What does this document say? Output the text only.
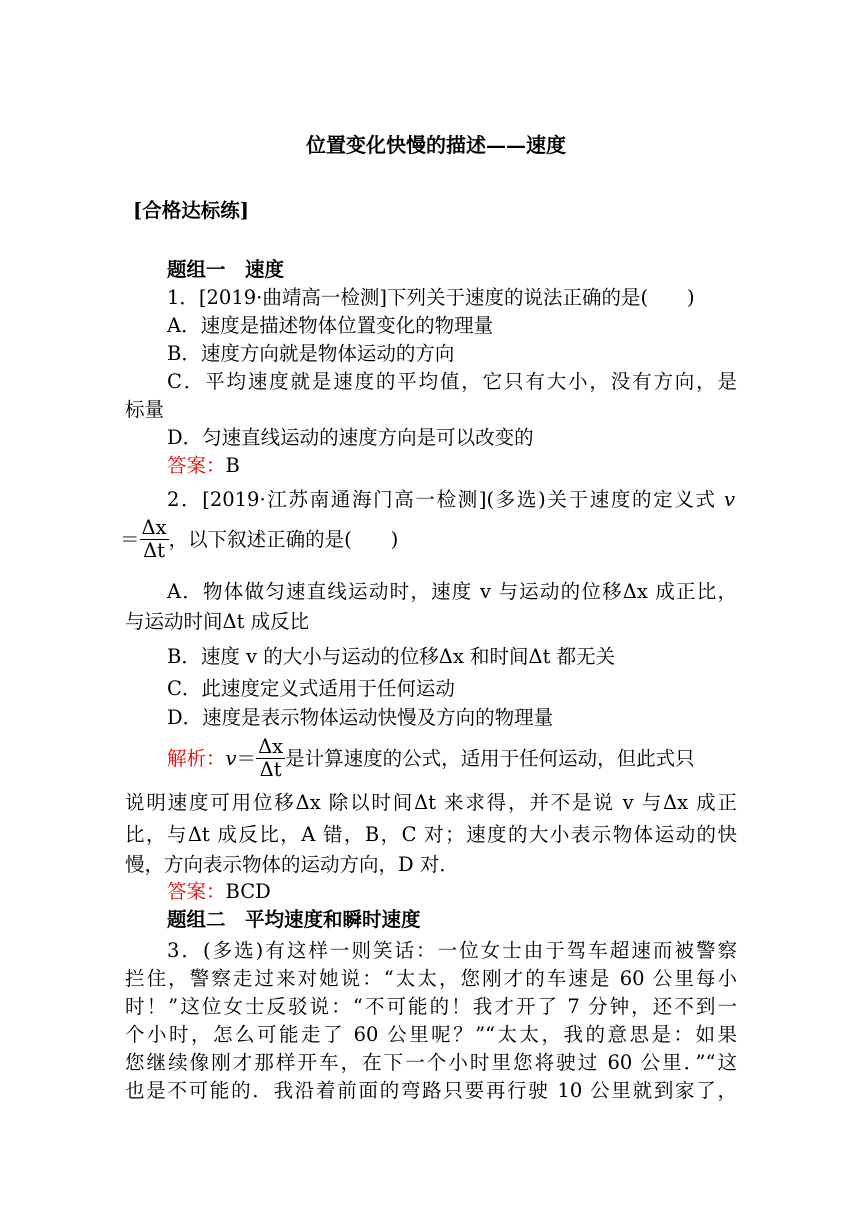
位置变化快慢的描述——速度
[合格达标练]
题组一　速度
1．[2019·曲靖高一检测]下列关于速度的说法正确的是(　　)
A．速度是描述物体位置变化的物理量
B．速度方向就是物体运动的方向
C．平均速度就是速度的平均值，它只有大小，没有方向，是
标量
D．匀速直线运动的速度方向是可以改变的
答案：B
2．[2019·江苏南通海门高一检测](多选)关于速度的定义式 v
＝ $\frac{\Delta x}{\Delta t}$ ，以下叙述正确的是(　　)
A．物体做匀速直线运动时，速度 v 与运动的位移Δx 成正比，
与运动时间Δt 成反比
B．速度 v 的大小与运动的位移Δx 和时间Δt 都无关
C．此速度定义式适用于任何运动
D．速度是表示物体运动快慢及方向的物理量
解析：$v= \frac{\Delta x}{\Delta t}$ 是计算速度的公式，适用于任何运动，但此式只
说明速度可用位移Δx 除以时间Δt 来求得，并不是说 v 与Δx 成正
比，与Δt 成反比，A 错，B，C 对；速度的大小表示物体运动的快
慢，方向表示物体的运动方向，D 对．
答案：BCD
题组二　平均速度和瞬时速度
3．(多选)有这样一则笑话：一位女士由于驾车超速而被警察
拦住，警察走过来对她说：“太太，您刚才的车速是 60 公里每小
时！”这位女士反驳说：“不可能的！我才开了 7 分钟，还不到一
个小时，怎么可能走了 60 公里呢？”“太太，我的意思是：如果
您继续像刚才那样开车，在下一个小时里您将驶过 60 公里．”“这
也是不可能的．我沿着前面的弯路只要再行驶 10 公里就到家了，
